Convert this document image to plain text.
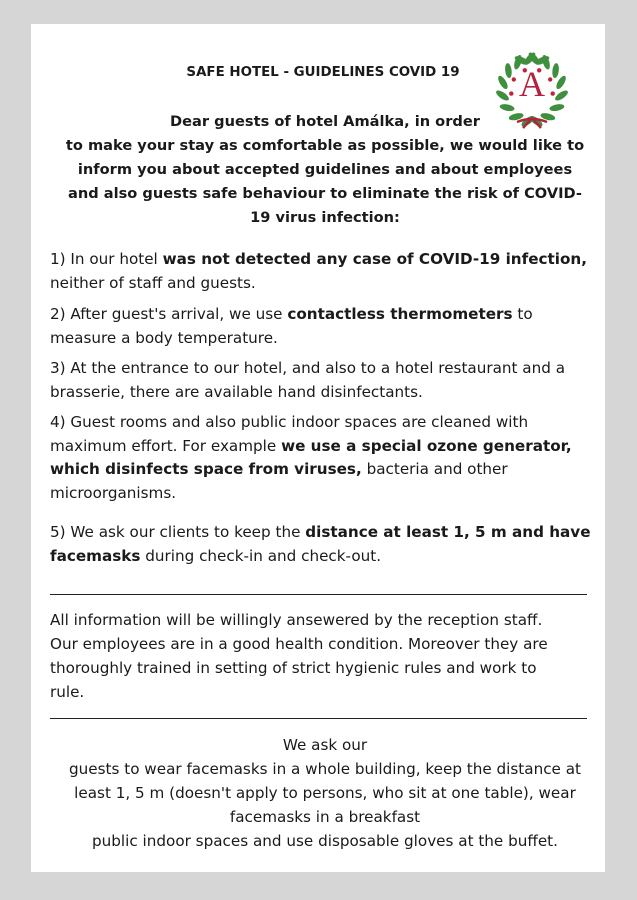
A
SAFE HOTEL - GUIDELINES COVID 19

Dear guests of hotel Amálka, in order
to make your stay as comfortable as possible, we would like to
inform you about accepted guidelines and about employees
and also guests safe behaviour to eliminate the risk of COVID-
19 virus infection:

1) In our hotel was not detected any case of COVID-19 infection,
neither of staff and guests.

2) After guest's arrival, we use contactless thermometers to
measure a body temperature.

3) At the entrance to our hotel, and also to a hotel restaurant and a
brasserie, there are available hand disinfectants.

4) Guest rooms and also public indoor spaces are cleaned with
maximum effort. For example we use a special ozone generator,
which disinfects space from viruses, bacteria and other
microorganisms.

5) We ask our clients to keep the distance at least 1, 5 m and have
facemasks during check-in and check-out.

All information will be willingly ansewered by the reception staff.
Our employees are in a good health condition. Moreover they are
thoroughly trained in setting of strict hygienic rules and work to
rule.

We ask our
guests to wear facemasks in a whole building, keep the distance at
least 1, 5 m (doesn't apply to persons, who sit at one table), wear
facemasks in a breakfast
public indoor spaces and use disposable gloves at the buffet.
